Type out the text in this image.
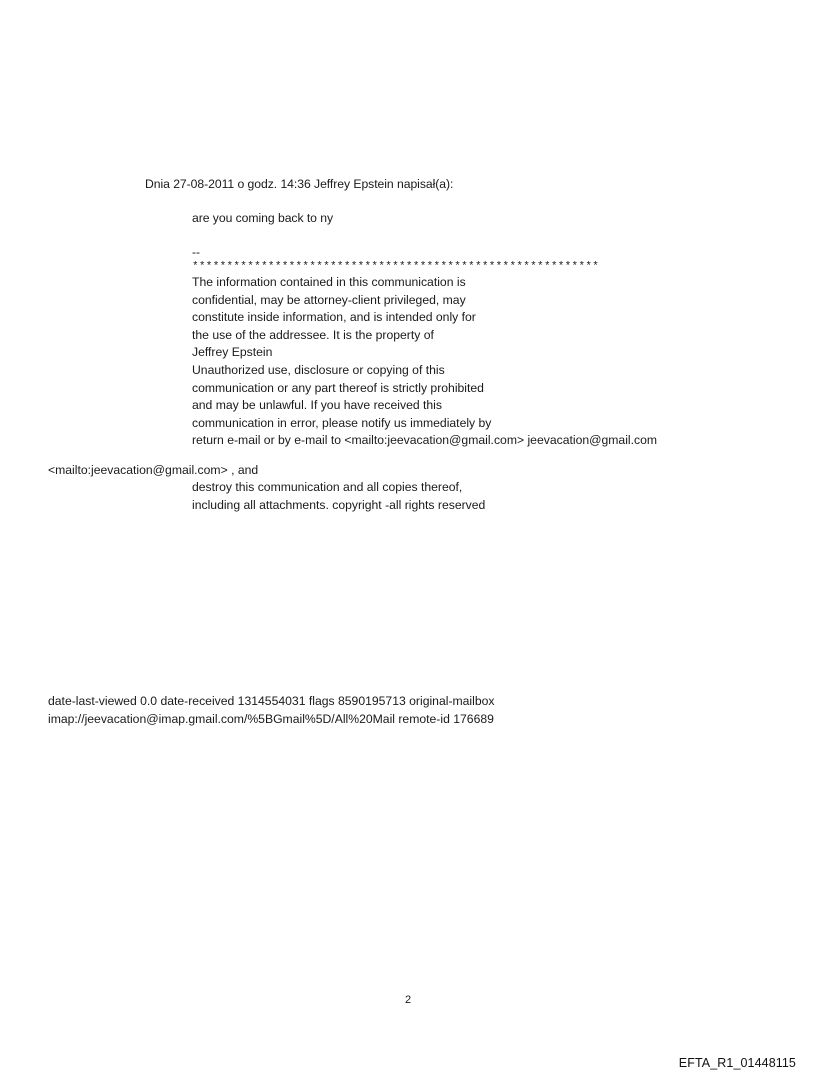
Dnia 27-08-2011 o godz. 14:36 Jeffrey Epstein napisał(a):
are you coming back to ny
--
***********************************************************
The information contained in this communication is
confidential, may be attorney-client privileged, may
constitute inside information, and is intended only for
the use of the addressee. It is the property of
Jeffrey Epstein
Unauthorized use, disclosure or copying of this
communication or any part thereof is strictly prohibited
and may be unlawful. If you have received this
communication in error, please notify us immediately by
return e-mail or by e-mail to <mailto:jeevacation@gmail.com> jeevacation@gmail.com
<mailto:jeevacation@gmail.com> , and
destroy this communication and all copies thereof,
including all attachments. copyright -all rights reserved
date-last-viewed 0.0 date-received 1314554031 flags 8590195713 original-mailbox
imap://jeevacation@imap.gmail.com/%5BGmail%5D/All%20Mail remote-id 176689
2
EFTA_R1_01448115
